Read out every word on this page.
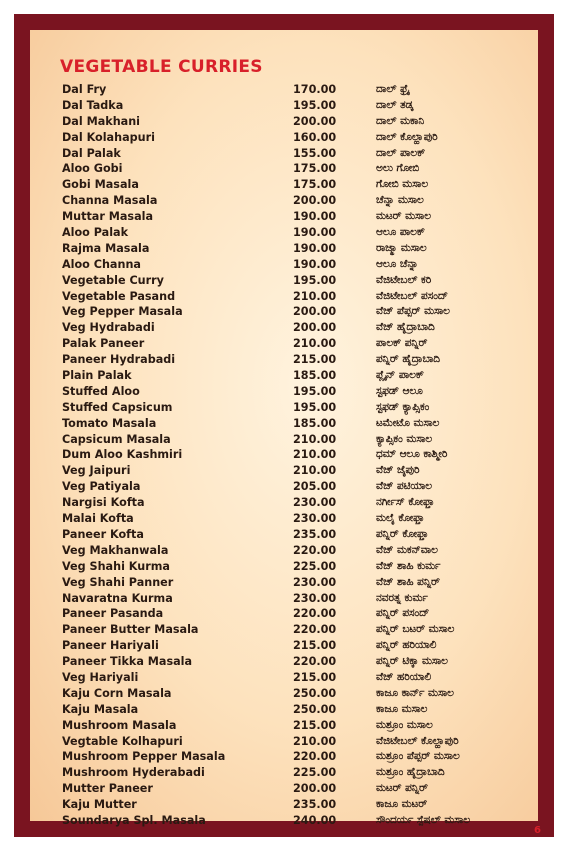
VEGETABLE CURRIES
Dal Fry	170.00	ದಾಲ್ ಫ್ರೈ
Dal Tadka	195.00	ದಾಲ್ ತಡ್ಕ
Dal Makhani	200.00	ದಾಲ್ ಮಕಾನಿ
Dal Kolahapuri	160.00	ದಾಲ್ ಕೊಲ್ಹಾಪುರಿ
Dal Palak	155.00	ದಾಲ್ ಪಾಲಕ್
Aloo Gobi	175.00	ಅಲು ಗೋಬಿ
Gobi Masala	175.00	ಗೋಬಿ ಮಸಾಲ
Channa Masala	200.00	ಚೆನ್ನಾ ಮಸಾಲ
Muttar Masala	190.00	ಮಟರ್ ಮಸಾಲ
Aloo Palak	190.00	ಆಲೂ ಪಾಲಕ್
Rajma Masala	190.00	ರಾಜ್ಮಾ ಮಸಾಲ
Aloo Channa	190.00	ಆಲೂ ಚೆನ್ನಾ
Vegetable Curry	195.00	ವೆಜಿಟೇಬಲ್ ಕರಿ
Vegetable Pasand	210.00	ವೆಜಿಟೇಬಲ್ ಪಸಂದ್
Veg Pepper Masala	200.00	ವೆಜ್ ಪೆಪ್ಪರ್ ಮಸಾಲ
Veg Hydrabadi	200.00	ವೆಜ್ ಹೈದ್ರಾಬಾದಿ
Palak Paneer	210.00	ಪಾಲಕ್ ಪನ್ನಿರ್
Paneer Hydrabadi	215.00	ಪನ್ನಿರ್ ಹೈದ್ರಾಬಾದಿ
Plain Palak	185.00	ಪ್ಲೈನ್ ಪಾಲಕ್
Stuffed Aloo	195.00	ಸ್ಟಫಡ್ ಆಲೂ
Stuffed Capsicum	195.00	ಸ್ಟಫಡ್ ಕ್ಯಾಪ್ಸಿಕಂ
Tomato Masala	185.00	ಟಮೇಟೊ ಮಸಾಲ
Capsicum Masala	210.00	ಕ್ಯಾಪ್ಸಿಕಂ ಮಸಾಲ
Dum Aloo Kashmiri	210.00	ಧಮ್ ಆಲೂ ಕಾಶ್ಮೀರಿ
Veg Jaipuri	210.00	ವೆಜ್ ಜೈಪುರಿ
Veg Patiyala	205.00	ವೆಜ್ ಪಟಿಯಾಲ
Nargisi Kofta	230.00	ನರ್ಗೀಸ್ ಕೋಫ್ತಾ
Malai Kofta	230.00	ಮಲೈ ಕೋಫ್ತಾ
Paneer Kofta	235.00	ಪನ್ನಿರ್ ಕೋಫ್ತಾ
Veg Makhanwala	220.00	ವೆಜ್ ಮಕನ್‌ವಾಲ
Veg Shahi Kurma	225.00	ವೆಜ್ ಶಾಹಿ ಕುರ್ಮ
Veg Shahi Panner	230.00	ವೆಜ್ ಶಾಹಿ ಪನ್ನಿರ್
Navaratna Kurma	230.00	ನವರತ್ನ ಕುರ್ಮ
Paneer Pasanda	220.00	ಪನ್ನಿರ್ ಪಸಂದ್
Paneer Butter Masala	220.00	ಪನ್ನಿರ್ ಬಟರ್ ಮಸಾಲ
Paneer Hariyali	215.00	ಪನ್ನಿರ್ ಹರಿಯಾಲಿ
Paneer Tikka Masala	220.00	ಪನ್ನಿರ್ ಟಿಕ್ಕಾ ಮಸಾಲ
Veg Hariyali	215.00	ವೆಜ್ ಹರಿಯಾಲಿ
Kaju Corn Masala	250.00	ಕಾಜೂ ಕಾರ್ನ್ ಮಸಾಲ
Kaju Masala	250.00	ಕಾಜೂ ಮಸಾಲ
Mushroom Masala	215.00	ಮಶ್ರೂಂ ಮಸಾಲ
Vegtable Kolhapuri	210.00	ವೆಜಿಟೇಬಲ್ ಕೊಲ್ಹಾಪುರಿ
Mushroom Pepper Masala	220.00	ಮಶ್ರೂಂ ಪೆಪ್ಪರ್ ಮಸಾಲ
Mushroom Hyderabadi	225.00	ಮಶ್ರೂಂ ಹೈದ್ರಾಬಾದಿ
Mutter Paneer	200.00	ಮಟರ್ ಪನ್ನಿರ್
Kaju Mutter	235.00	ಕಾಜೂ ಮಟರ್
Soundarya Spl. Masala	240.00	ಸೌಂದರ್ಯ ಸ್ಪೆಷಲ್ ಮಸಾಲ
6
